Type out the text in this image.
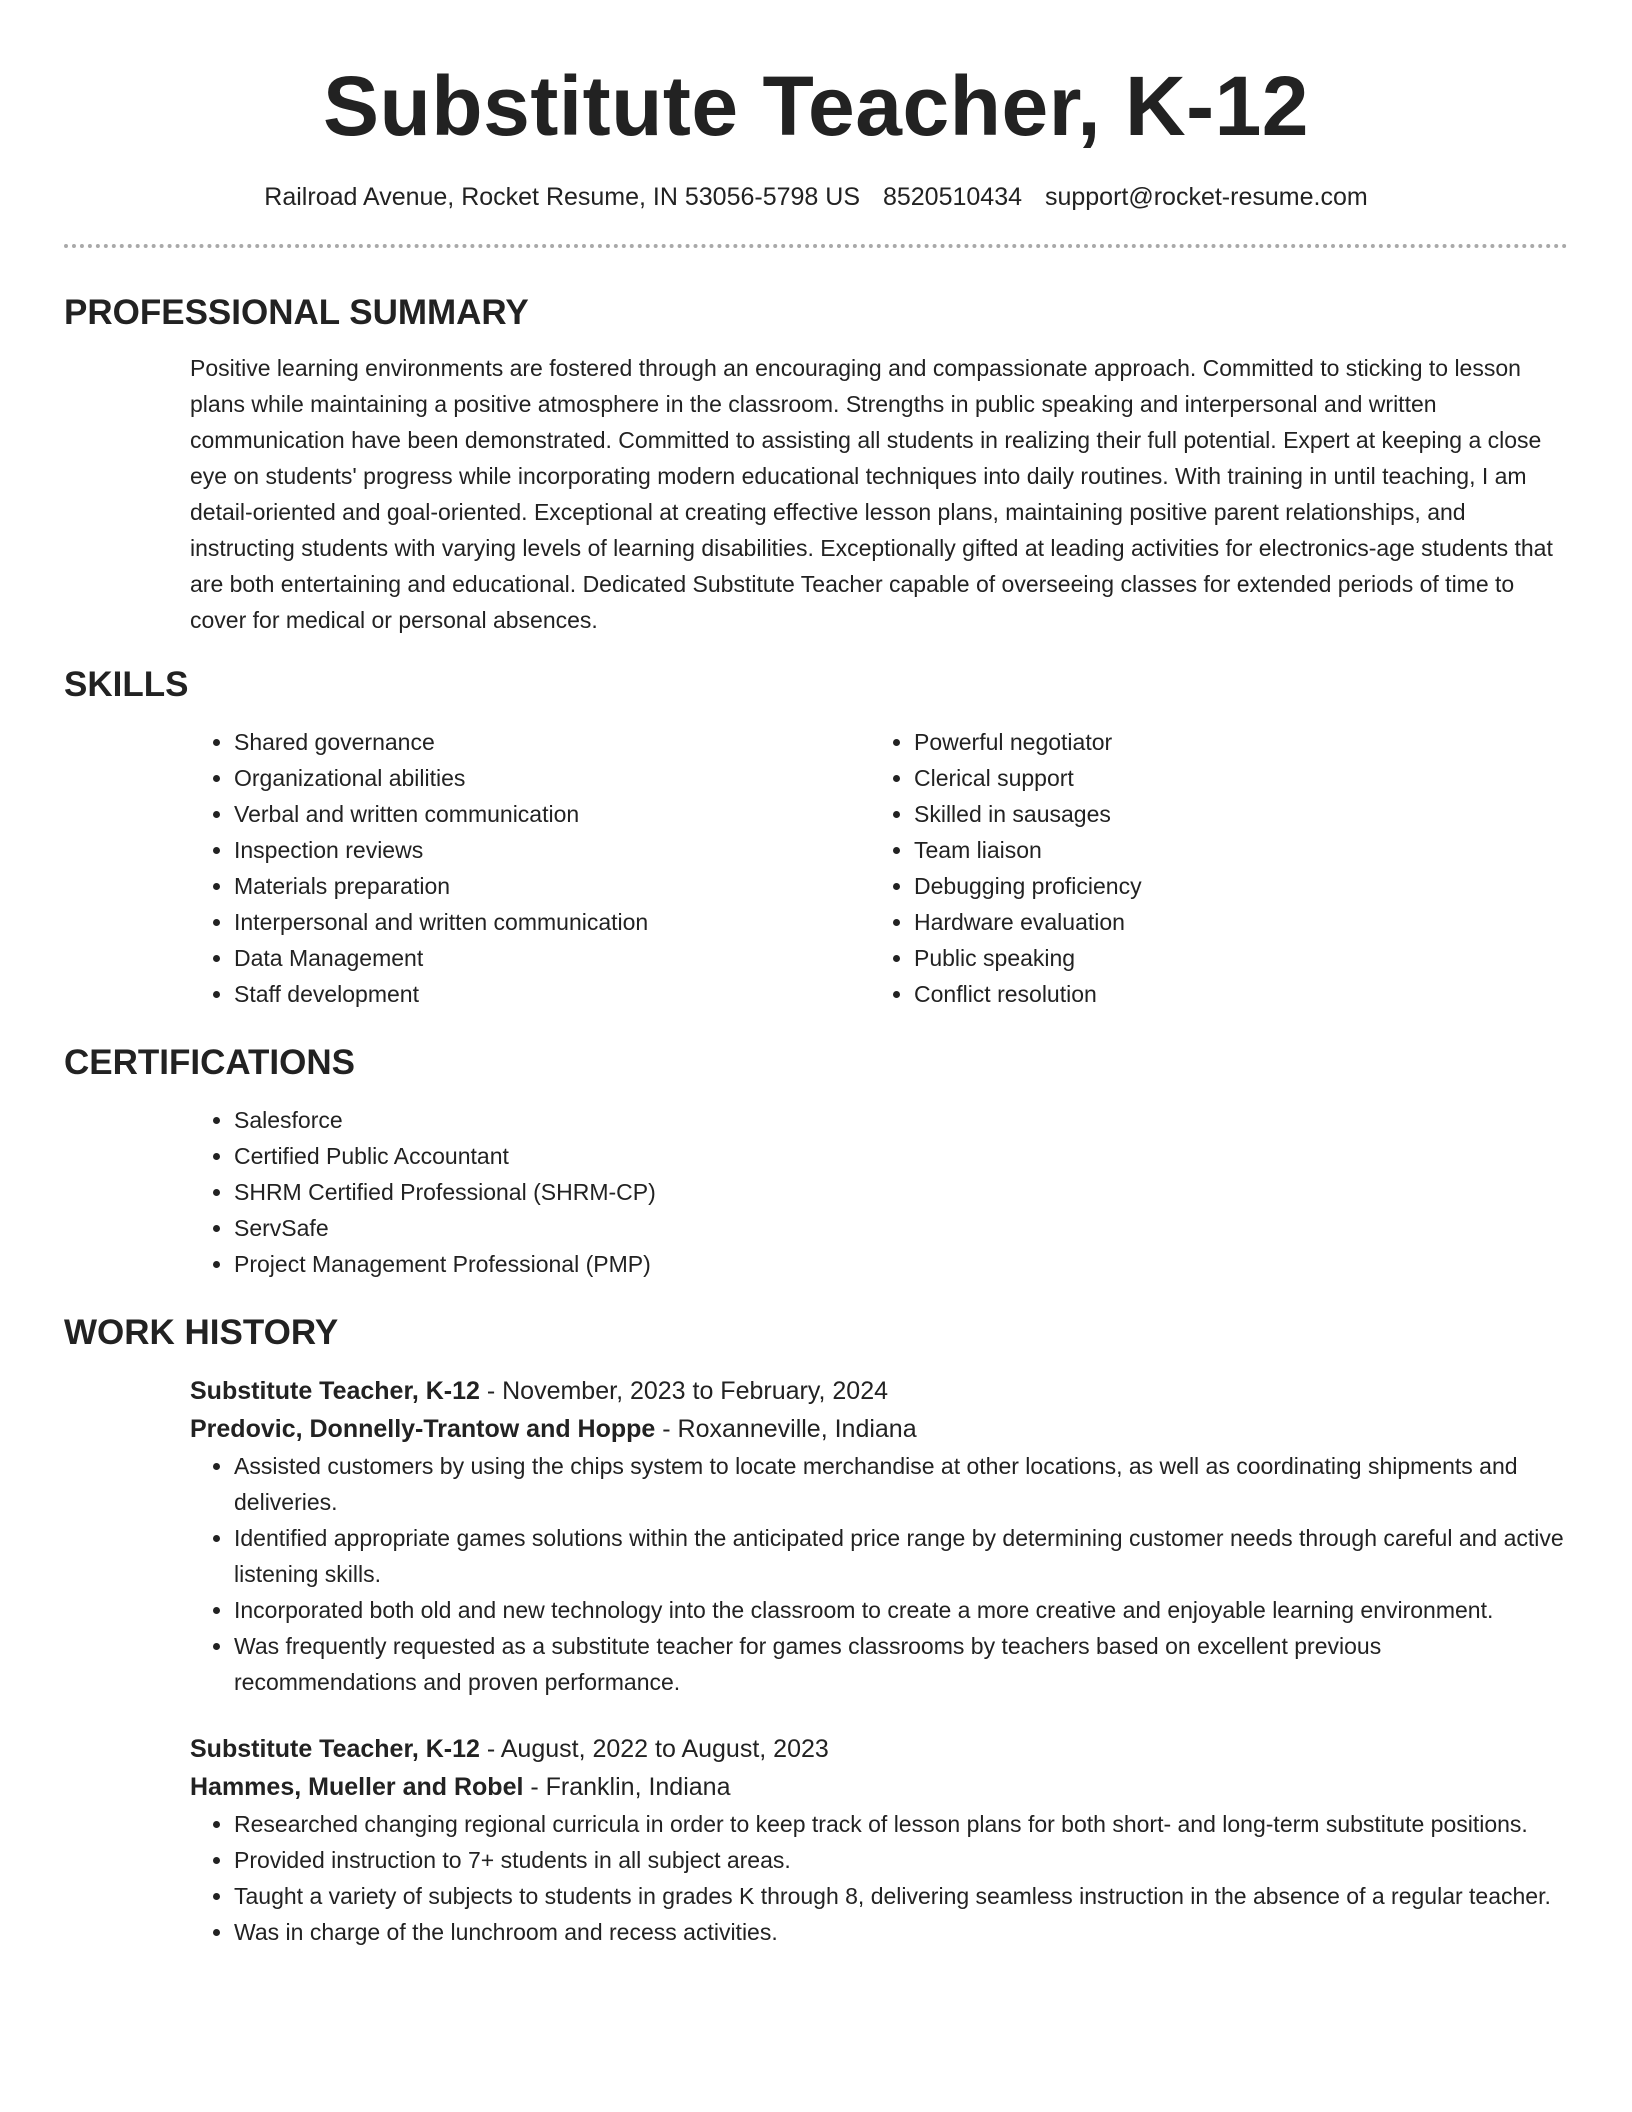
Substitute Teacher, K-12
Railroad Avenue, Rocket Resume, IN 53056-5798 US 8520510434 support@rocket-resume.com
PROFESSIONAL SUMMARY

Positive learning environments are fostered through an encouraging and compassionate approach. Committed to sticking to lesson plans while maintaining a positive atmosphere in the classroom. Strengths in public speaking and interpersonal and written communication have been demonstrated. Committed to assisting all students in realizing their full potential. Expert at keeping a close eye on students' progress while incorporating modern educational techniques into daily routines. With training in until teaching, I am detail-oriented and goal-oriented. Exceptional at creating effective lesson plans, maintaining positive parent relationships, and instructing students with varying levels of learning disabilities. Exceptionally gifted at leading activities for electronics-age students that are both entertaining and educational. Dedicated Substitute Teacher capable of overseeing classes for extended periods of time to cover for medical or personal absences.

SKILLS
• Shared governance
• Organizational abilities
• Verbal and written communication
• Inspection reviews
• Materials preparation
• Interpersonal and written communication
• Data Management
• Staff development
• Powerful negotiator
• Clerical support
• Skilled in sausages
• Team liaison
• Debugging proficiency
• Hardware evaluation
• Public speaking
• Conflict resolution
CERTIFICATIONS
• Salesforce
• Certified Public Accountant
• SHRM Certified Professional (SHRM-CP)
• ServSafe
• Project Management Professional (PMP)
WORK HISTORY
Substitute Teacher, K-12 - November, 2023 to February, 2024
Predovic, Donnelly-Trantow and Hoppe - Roxanneville, Indiana
• Assisted customers by using the chips system to locate merchandise at other locations, as well as coordinating shipments and deliveries.
• Identified appropriate games solutions within the anticipated price range by determining customer needs through careful and active listening skills.
• Incorporated both old and new technology into the classroom to create a more creative and enjoyable learning environment.
• Was frequently requested as a substitute teacher for games classrooms by teachers based on excellent previous recommendations and proven performance.
Substitute Teacher, K-12 - August, 2022 to August, 2023
Hammes, Mueller and Robel - Franklin, Indiana
• Researched changing regional curricula in order to keep track of lesson plans for both short- and long-term substitute positions.
• Provided instruction to 7+ students in all subject areas.
• Taught a variety of subjects to students in grades K through 8, delivering seamless instruction in the absence of a regular teacher.
• Was in charge of the lunchroom and recess activities.
